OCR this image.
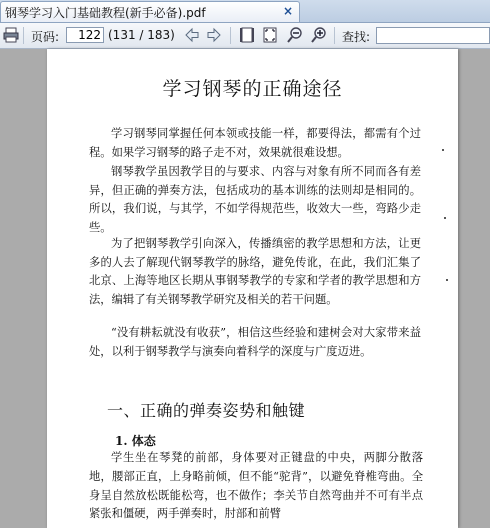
钢琴学习入门基础教程(新手必备).pdf	×
页码:	122 (131 / 183)	查找:
学习钢琴的正确途径
学习钢琴同掌握任何本领或技能一样，都要得法，都需有个过程。如果学习钢琴的路子走不对，效果就很难设想。
钢琴教学虽因教学目的与要求、内容与对象有所不同而各有差异，但正确的弹奏方法，包括成功的基本训练的法则却是相同的。所以，我们说，与其学，不如学得规范些，收效大一些，弯路少走些。
为了把钢琴教学引向深入，传播缜密的教学思想和方法，让更多的人去了解现代钢琴教学的脉络，避免传讹，在此，我们汇集了北京、上海等地区长期从事钢琴教学的专家和学者的教学思想和方法，编辑了有关钢琴教学研究及相关的若干问题。
“没有耕耘就没有收获”，相信这些经验和建树会对大家带来益处，以利于钢琴教学与演奏向着科学的深度与广度迈进。
一、正确的弹奏姿势和触键
1. 体态
学生坐在琴凳的前部，身体要对正键盘的中央，两脚分散落地，腰部正直，上身略前倾，但不能“驼背”，以避免脊椎弯曲。全身呈自然放松既能松弯，也不做作；李关节自然弯曲并不可有半点紧张和僵硬，两手弹奏时，肘部和前臂
